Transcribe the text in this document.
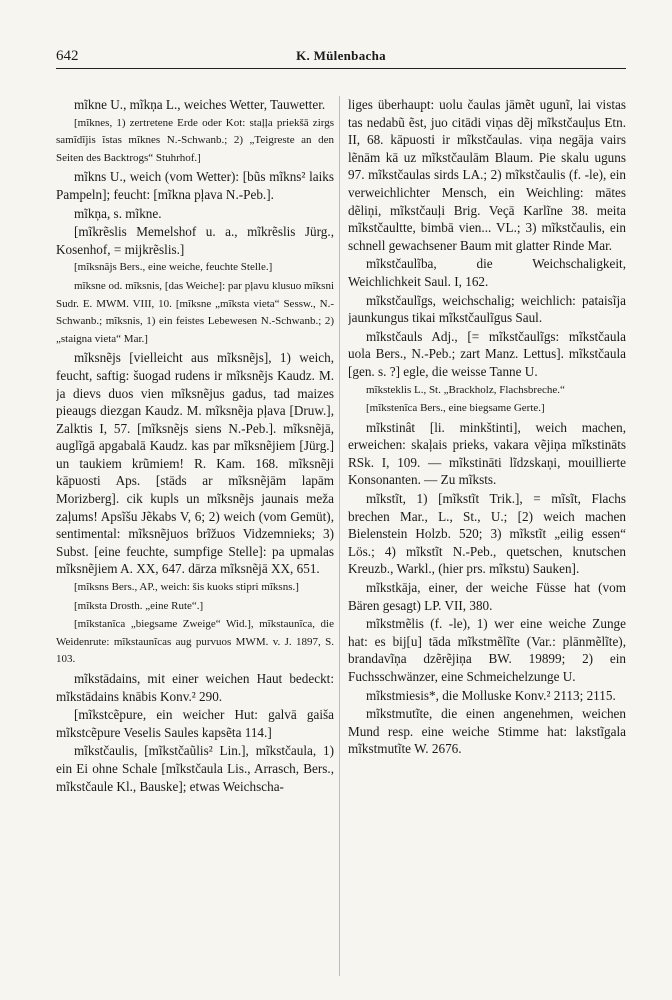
642	K. Mülenbacha

mĩkne U., mĩkņa L., weiches Wetter, Tauwetter.

[mĩknes, 1) zertretene Erde oder Kot: staļļa priekšā zirgs samĩdĩjis ĩstas mĩknes N.-Schwanb.; 2) „Teigreste an den Seiten des Backtrogs“ Stuhrhof.]

mĩkns U., weich (vom Wetter): [bũs mĩkns² laiks Pampeln]; feucht: [mĩkna pļava N.-Peb.].

mĩkņa, s. mĩkne.

[mĩkrẽslis Memelshof u. a., mĩkrẽslis Jürg., Kosenhof, = mijkrẽslis.]

[mĩksnãjs Bers., eine weiche, feuchte Stelle.]

mĩksne od. mĩksnis, [das Weiche]: par pļavu klusuo mĩksni Sudr. E. MWM. VIII, 10. [mĩksne „mĩksta vieta“ Sessw., N.-Schwanb.; mĩksnis, 1) ein feistes Lebewesen N.-Schwanb.; 2) „staigna vieta“ Mar.]

mĩksnẽjs [vielleicht aus mĩksnẽjs], 1) weich, feucht, saftig: šuogad rudens ir mĩksnẽjs Kaudz. M. ja dievs duos vien mĩksnẽjus gadus, tad maizes pieaugs diezgan Kaudz. M. mĩksnẽja pļava [Druw.], Zalktis I, 57. [mĩksnẽjs siens N.-Peb.]. mĩksnẽjā, auglĩgā apgabalā Kaudz. kas par mĩksnẽjiem [Jürg.] un taukiem krũmiem! R. Kam. 168. mĩksnẽji kāpuosti Aps. [stāds ar mĩksnẽjām lapām Morizberg]. cik kupls un mĩksnẽjs jaunais meža zaļums! Apsĩšu Jẽkabs V, 6; 2) weich (vom Gemüt), sentimental: mĩksnẽjuos brĩžuos Vidzemnieks; 3) Subst. [eine feuchte, sumpfige Stelle]: pa upmalas mĩksnẽjiem A. XX, 647. dārza mĩksnẽjā XX, 651.

[mĩksns Bers., AP., weich: šis kuoks stipri mĩksns.]

[mĩksta Drosth. „eine Rute“.]

[mĩkstanĩca „biegsame Zweige“ Wid.], mĩkstaunĩca, die Weidenrute: mĩkstaunĩcas aug purvuos MWM. v. J. 1897, S. 103.

mĩkstādains, mit einer weichen Haut bedeckt: mĩkstādains knābis Konv.² 290.

[mĩkstcẽpure, ein weicher Hut: galvā gaiša mĩkstcẽpure Veselis Saules kapsẽta 114.]

mĩkstčaulis, [mĩkstčaũlis² Lin.], mĩkstčaula, 1) ein Ei ohne Schale [mĩkstčaula Lis., Arrasch, Bers., mĩkstčaule Kl., Bauske]; etwas Weichscha-

liges überhaupt: uolu čaulas jāmẽt ugunĩ, lai vistas tas nedabũ ẽst, juo citādi viņas dẽj mĩkstčauļus Etn. II, 68. kāpuosti ir mĩkstčaulas. viņa negāja vairs lẽnām kā uz mĩkstčaulām Blaum. Pie skalu uguns 97. mĩkstčaulas sirds LA.; 2) mĩkstčaulis (f. -le), ein verweichlichter Mensch, ein Weichling: mātes dẽliņi, mĩkstčauļi Brig. Veçā Karlĩne 38. meita mĩkstčaultte, bimbā vien... VL.; 3) mĩkstčaulis, ein schnell gewachsener Baum mit glatter Rinde Mar.

mĩkstčaulĩba, die Weichschaligkeit, Weichlichkeit Saul. I, 162.

mĩkstčaulĩgs, weichschalig; weichlich: pataisĩja jaunkungus tikai mĩkstčaulĩgus Saul.

mĩkstčauls Adj., [= mĩkstčaulĩgs: mĩkstčaula uola Bers., N.-Peb.; zart Manz. Lettus]. mĩkstčaula [gen. s. ?] egle, die weisse Tanne U.

mĩksteklis L., St. „Brackholz, Flachsbreche.“

[mĩkstenĩca Bers., eine biegsame Gerte.]

mĩkstinât [li. minkštinti], weich machen, erweichen: skaļais prieks, vakara vẽjiņa mĩkstināts RSk. I, 109. — mĩkstināti lĩdzskaņi, mouillierte Konsonanten. — Zu mĩksts.

mĩkstĩt, 1) [mĩkstĩt Trik.], = mĩsĩt, Flachs brechen Mar., L., St., U.; [2) weich machen Bielenstein Holzb. 520; 3) mĩkstĩt „eilig essen“ Lös.; 4) mĩkstĩt N.-Peb., quetschen, knutschen Kreuzb., Warkl., (hier prs. mĩkstu) Sauken].

mĩkstkāja, einer, der weiche Füsse hat (vom Bären gesagt) LP. VII, 380.

mĩkstmẽlis (f. -le), 1) wer eine weiche Zunge hat: es bij[u] tāda mĩkstmẽlĩte (Var.: plānmẽlĩte), brandavĩņa dzẽrẽjiņa BW. 19899; 2) ein Fuchsschwänzer, eine Schmeichelzunge U.

mĩkstmiesis*, die Molluske Konv.² 2113; 2115.

mĩkstmutĩte, die einen angenehmen, weichen Mund resp. eine weiche Stimme hat: lakstĩgala mĩkstmutĩte W. 2676.
